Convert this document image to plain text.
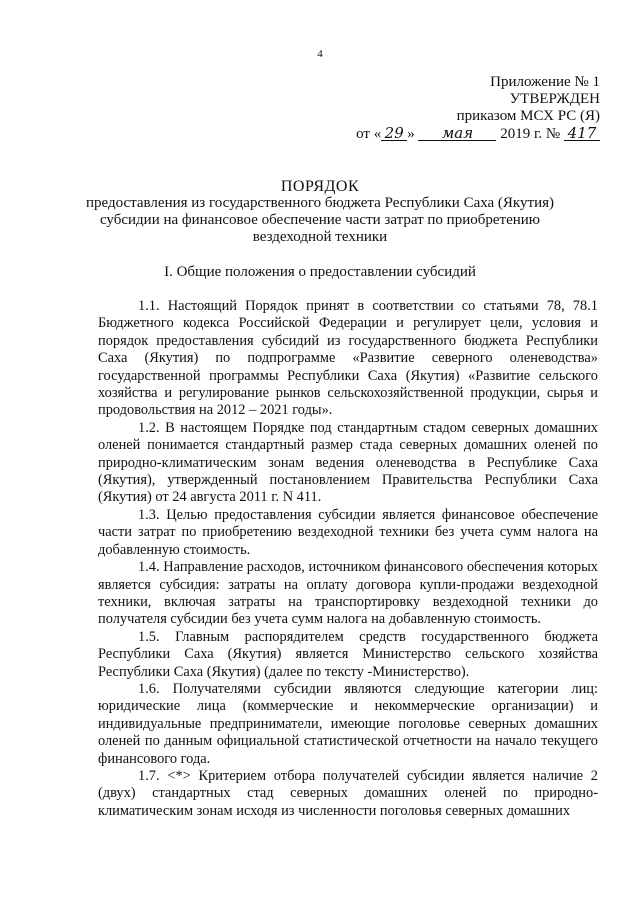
4
Приложение № 1
УТВЕРЖДЕН
приказом МСХ РС (Я)
от « 29 » мая 2019 г. № 417
ПОРЯДОК
предоставления из государственного бюджета Республики Саха (Якутия)
субсидии на финансовое обеспечение части затрат по приобретению
вездеходной техники
I. Общие положения о предоставлении субсидий

1.1. Настоящий Порядок принят в соответствии со статьями 78, 78.1 Бюджетного кодекса Российской Федерации и регулирует цели, условия и порядок предоставления субсидий из государственного бюджета Республики Саха (Якутия) по подпрограмме «Развитие северного оленеводства» государственной программы Республики Саха (Якутия) «Развитие сельского хозяйства и регулирование рынков сельскохозяйственной продукции, сырья и продовольствия на 2012 – 2021 годы».

1.2. В настоящем Порядке под стандартным стадом северных домашних оленей понимается стандартный размер стада северных домашних оленей по природно-климатическим зонам ведения оленеводства в Республике Саха (Якутия), утвержденный постановлением Правительства Республики Саха (Якутия) от 24 августа 2011 г. N 411.

1.3. Целью предоставления субсидии является финансовое обеспечение части затрат по приобретению вездеходной техники без учета сумм налога на добавленную стоимость.

1.4. Направление расходов, источником финансового обеспечения которых является субсидия: затраты на оплату договора купли-продажи вездеходной техники, включая затраты на транспортировку вездеходной техники до получателя субсидии без учета сумм налога на добавленную стоимость.

1.5. Главным распорядителем средств государственного бюджета Республики Саха (Якутия) является Министерство сельского хозяйства Республики Саха (Якутия) (далее по тексту -Министерство).

1.6. Получателями субсидии являются следующие категории лиц: юридические лица (коммерческие и некоммерческие организации) и индивидуальные предприниматели, имеющие поголовье северных домашних оленей по данным официальной статистической отчетности на начало текущего финансового года.

1.7. <*> Критерием отбора получателей субсидии является наличие 2 (двух) стандартных стад северных домашних оленей по природно-климатическим зонам исходя из численности поголовья северных домашних
